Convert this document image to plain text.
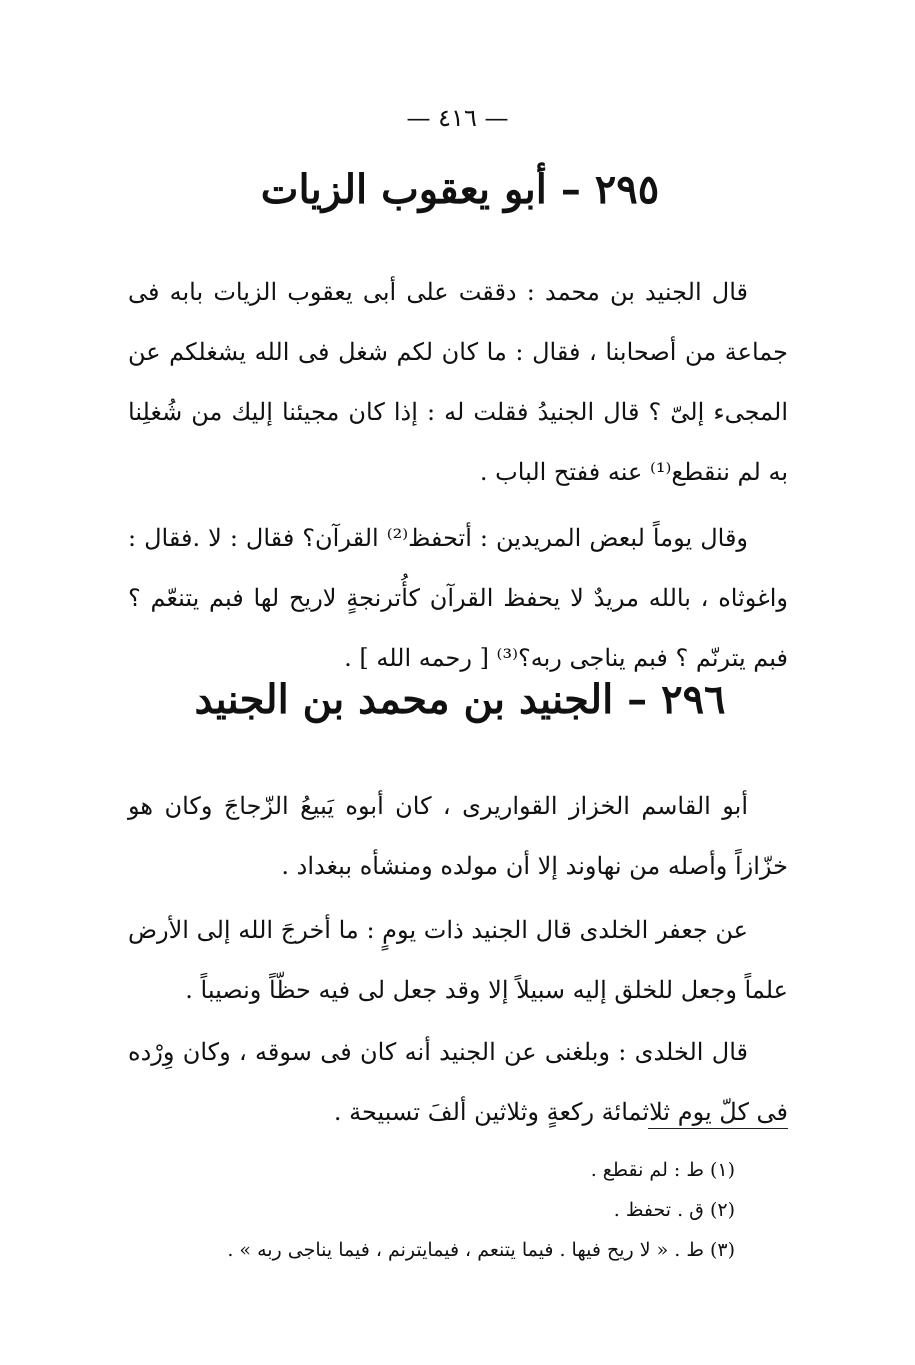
— ٤١٦ —
٢٩٥ – أبو يعقوب الزيات

قال الجنيد بن محمد : دققت على أبى يعقوب الزيات بابه فى جماعة من أصحابنا ، فقال : ما كان لكم شغل فى الله يشغلكم عن المجىء إلىّ ؟ قال الجنيدُ فقلت له : إذا كان مجيئنا إليك من شُغلِنا به لم ننقطع⁽¹⁾ عنه ففتح الباب .

وقال يوماً لبعض المريدين : أتحفظ⁽²⁾ القرآن؟ فقال : لا .فقال : واغوثاه ، بالله مريدٌ لا يحفظ القرآن كأُترنجةٍ لاريح لها فبم يتنعّم ؟ فبم يترنّم ؟ فبم يناجى ربه؟⁽³⁾ [ رحمه الله ] .

٢٩٦ – الجنيد بن محمد بن الجنيد

أبو القاسم الخزاز القواريرى ، كان أبوه يَبيعُ الزّجاجَ وكان هو خزّازاً وأصله من نهاوند إلا أن مولده ومنشأه ببغداد .

عن جعفر الخلدى قال الجنيد ذات يومٍ : ما أخرجَ الله إلى الأرض علماً وجعل للخلق إليه سبيلاً إلا وقد جعل لى فيه حظّاً ونصيباً .

قال الخلدى : وبلغنى عن الجنيد أنه كان فى سوقه ، وكان وِرْده فى كلّ يوم ثلاثمائة ركعةٍ وثلاثين ألفَ تسبيحة .

(١) ط : لم نقطع .
(٢) ق . تحفظ .
(٣) ط . « لا ريح فيها . فيما يتنعم ، فيمايترنم ، فيما يناجى ربه » .
